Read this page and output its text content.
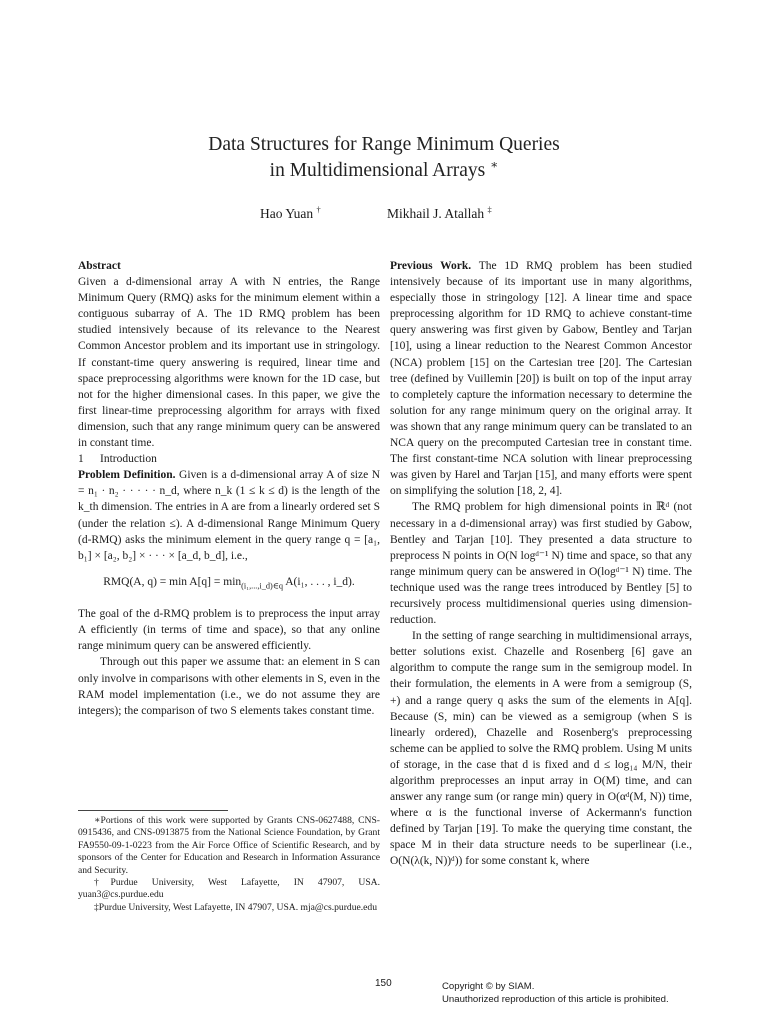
Data Structures for Range Minimum Queries
in Multidimensional Arrays ∗
Hao Yuan †	Mikhail J. Atallah ‡

Abstract

Given a d-dimensional array A with N entries, the Range Minimum Query (RMQ) asks for the minimum element within a contiguous subarray of A. The 1D RMQ problem has been studied intensively because of its relevance to the Nearest Common Ancestor problem and its important use in stringology. If constant-time query answering is required, linear time and space preprocessing algorithms were known for the 1D case, but not for the higher dimensional cases. In this paper, we give the first linear-time preprocessing algorithm for arrays with fixed dimension, such that any range minimum query can be answered in constant time.

1 Introduction

Problem Definition. Given is a d-dimensional array A of size N = n₁ · n₂ · · · · · n_d, where n_k (1 ≤ k ≤ d) is the length of the k_th dimension. The entries in A are from a linearly ordered set S (under the relation ≤). A d-dimensional Range Minimum Query (d-RMQ) asks the minimum element in the query range q = [a₁, b₁] × [a₂, b₂] × · · · × [a_d, b_d], i.e.,

RMQ(A, $q) = \min A[q] = \min_{(i_1,...,i\_d)\in q} A(i_1$, . . . , i_d).

The goal of the d-RMQ problem is to preprocess the input array A efficiently (in terms of time and space), so that any online range minimum query can be answered efficiently.

Through out this paper we assume that: an element in S can only involve in comparisons with other elements in S, even in the RAM model implementation (i.e., we do not assume they are integers); the comparison of two S elements takes constant time.

∗Portions of this work were supported by Grants CNS-0627488, CNS-0915436, and CNS-0913875 from the National Science Foundation, by Grant FA9550-09-1-0223 from the Air Force Office of Scientific Research, and by sponsors of the Center for Education and Research in Information Assurance and Security.

†Purdue University, West Lafayette, IN 47907, USA. yuan3@cs.purdue.edu

‡Purdue University, West Lafayette, IN 47907, USA. mja@cs.purdue.edu

Previous Work. The 1D RMQ problem has been studied intensively because of its important use in many algorithms, especially those in stringology [12]. A linear time and space preprocessing algorithm for 1D RMQ to achieve constant-time query answering was first given by Gabow, Bentley and Tarjan [10], using a linear reduction to the Nearest Common Ancestor (NCA) problem [15] on the Cartesian tree [20]. The Cartesian tree (defined by Vuillemin [20]) is built on top of the input array to completely capture the information necessary to determine the solution for any range minimum query on the original array. It was shown that any range minimum query can be translated to an NCA query on the precomputed Cartesian tree in constant time. The first constant-time NCA solution with linear preprocessing was given by Harel and Tarjan [15], and many efforts were spent on simplifying the solution [18, 2, 4].

The RMQ problem for high dimensional points in ℝᵈ (not necessary in a d-dimensional array) was first studied by Gabow, Bentley and Tarjan [10]. They presented a data structure to preprocess N points in O(N logᵈ⁻¹ N) time and space, so that any range minimum query can be answered in O(logᵈ⁻¹ N) time. The technique used was the range trees introduced by Bentley [5] to recursively process multidimensional queries using dimension-reduction.

In the setting of range searching in multidimensional arrays, better solutions exist. Chazelle and Rosenberg [6] gave an algorithm to compute the range sum in the semigroup model. In their formulation, the elements in A were from a semigroup (S, +) and a range query q asks the sum of the elements in A[q]. Because (S, min) can be viewed as a semigroup (when S is linearly ordered), Chazelle and Rosenberg's preprocessing scheme can be applied to solve the RMQ problem. Using M units of storage, in the case that d is fixed and d ≤ log₁₄ M/N, their algorithm preprocesses an input array in O(M) time, and can answer any range sum (or range min) query in O(αᵈ(M, N)) time, where α is the functional inverse of Ackermann's function defined by Tarjan [19]. To make the querying time constant, the space M in their data structure needs to be superlinear (i.e., O(N(λ(k, N))ᵈ)) for some constant k, where

150	Copyright © by SIAM.
Unauthorized reproduction of this article is prohibited.
